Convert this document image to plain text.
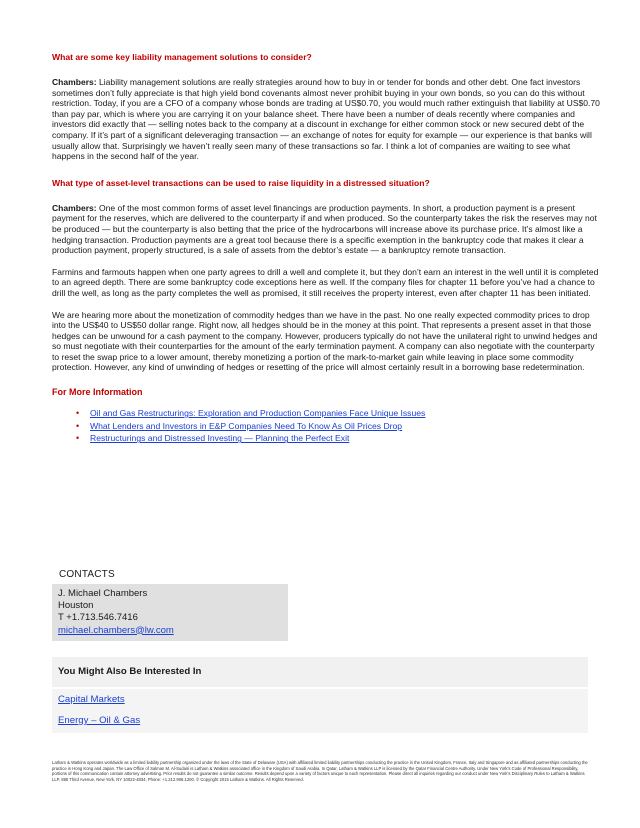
What are some key liability management solutions to consider?
Chambers: Liability management solutions are really strategies around how to buy in or tender for bonds and other debt. One fact investors sometimes don’t fully appreciate is that high yield bond covenants almost never prohibit buying in your own bonds, so you can do this without restriction. Today, if you are a CFO of a company whose bonds are trading at US$0.70, you would much rather extinguish that liability at US$0.70 than pay par, which is where you are carrying it on your balance sheet. There have been a number of deals recently where companies and investors did exactly that — selling notes back to the company at a discount in exchange for either common stock or new secured debt of the company. If it’s part of a significant deleveraging transaction — an exchange of notes for equity for example — our experience is that banks will usually allow that. Surprisingly we haven’t really seen many of these transactions so far. I think a lot of companies are waiting to see what happens in the second half of the year.
What type of asset-level transactions can be used to raise liquidity in a distressed situation?
Chambers: One of the most common forms of asset level financings are production payments. In short, a production payment is a present payment for the reserves, which are delivered to the counterparty if and when produced. So the counterparty takes the risk the reserves may not be produced — but the counterparty is also betting that the price of the hydrocarbons will increase above its purchase price. It’s almost like a hedging transaction. Production payments are a great tool because there is a specific exemption in the bankruptcy code that makes it clear a production payment, properly structured, is a sale of assets from the debtor’s estate — a bankruptcy remote transaction.
Farmins and farmouts happen when one party agrees to drill a well and complete it, but they don’t earn an interest in the well until it is completed to an agreed depth. There are some bankruptcy code exceptions here as well. If the company files for chapter 11 before you’ve had a chance to drill the well, as long as the party completes the well as promised, it still receives the property interest, even after chapter 11 has been initiated.
We are hearing more about the monetization of commodity hedges than we have in the past. No one really expected commodity prices to drop into the US$40 to US$50 dollar range. Right now, all hedges should be in the money at this point. That represents a present asset in that those hedges can be unwound for a cash payment to the company. However, producers typically do not have the unilateral right to unwind hedges and so must negotiate with their counterparties for the amount of the early termination payment. A company can also negotiate with the counterparty to reset the swap price to a lower amount, thereby monetizing a portion of the mark-to-market gain while leaving in place some commodity protection. However, any kind of unwinding of hedges or resetting of the price will almost certainly result in a borrowing base redetermination.
For More Information
• Oil and Gas Restructurings: Exploration and Production Companies Face Unique Issues
• What Lenders and Investors in E&P Companies Need To Know As Oil Prices Drop
• Restructurings and Distressed Investing — Planning the Perfect Exit
CONTACTS
J. Michael Chambers
Houston
T +1.713.546.7416
michael.chambers@lw.com
You Might Also Be Interested In
Capital Markets
Energy – Oil & Gas
Latham & Watkins operates worldwide as a limited liability partnership organized under the laws of the State of Delaware (USA) with affiliated limited liability partnerships conducting the practice in the United Kingdom, France, Italy and Singapore and as affiliated partnerships conducting the practice in Hong Kong and Japan. The Law Office of Salman M. Al-Sudairi is Latham & Watkins associated office in the Kingdom of Saudi Arabia. In Qatar, Latham & Watkins LLP is licensed by the Qatar Financial Centre Authority. Under New York’s Code of Professional Responsibility, portions of this communication contain attorney advertising. Prior results do not guarantee a similar outcome. Results depend upon a variety of factors unique to each representation. Please direct all inquiries regarding our conduct under New York’s Disciplinary Rules to Latham & Watkins LLP, 885 Third Avenue, New York, NY 10022-4834, Phone: +1.212.906.1200. © Copyright 2015 Latham & Watkins. All Rights Reserved.
